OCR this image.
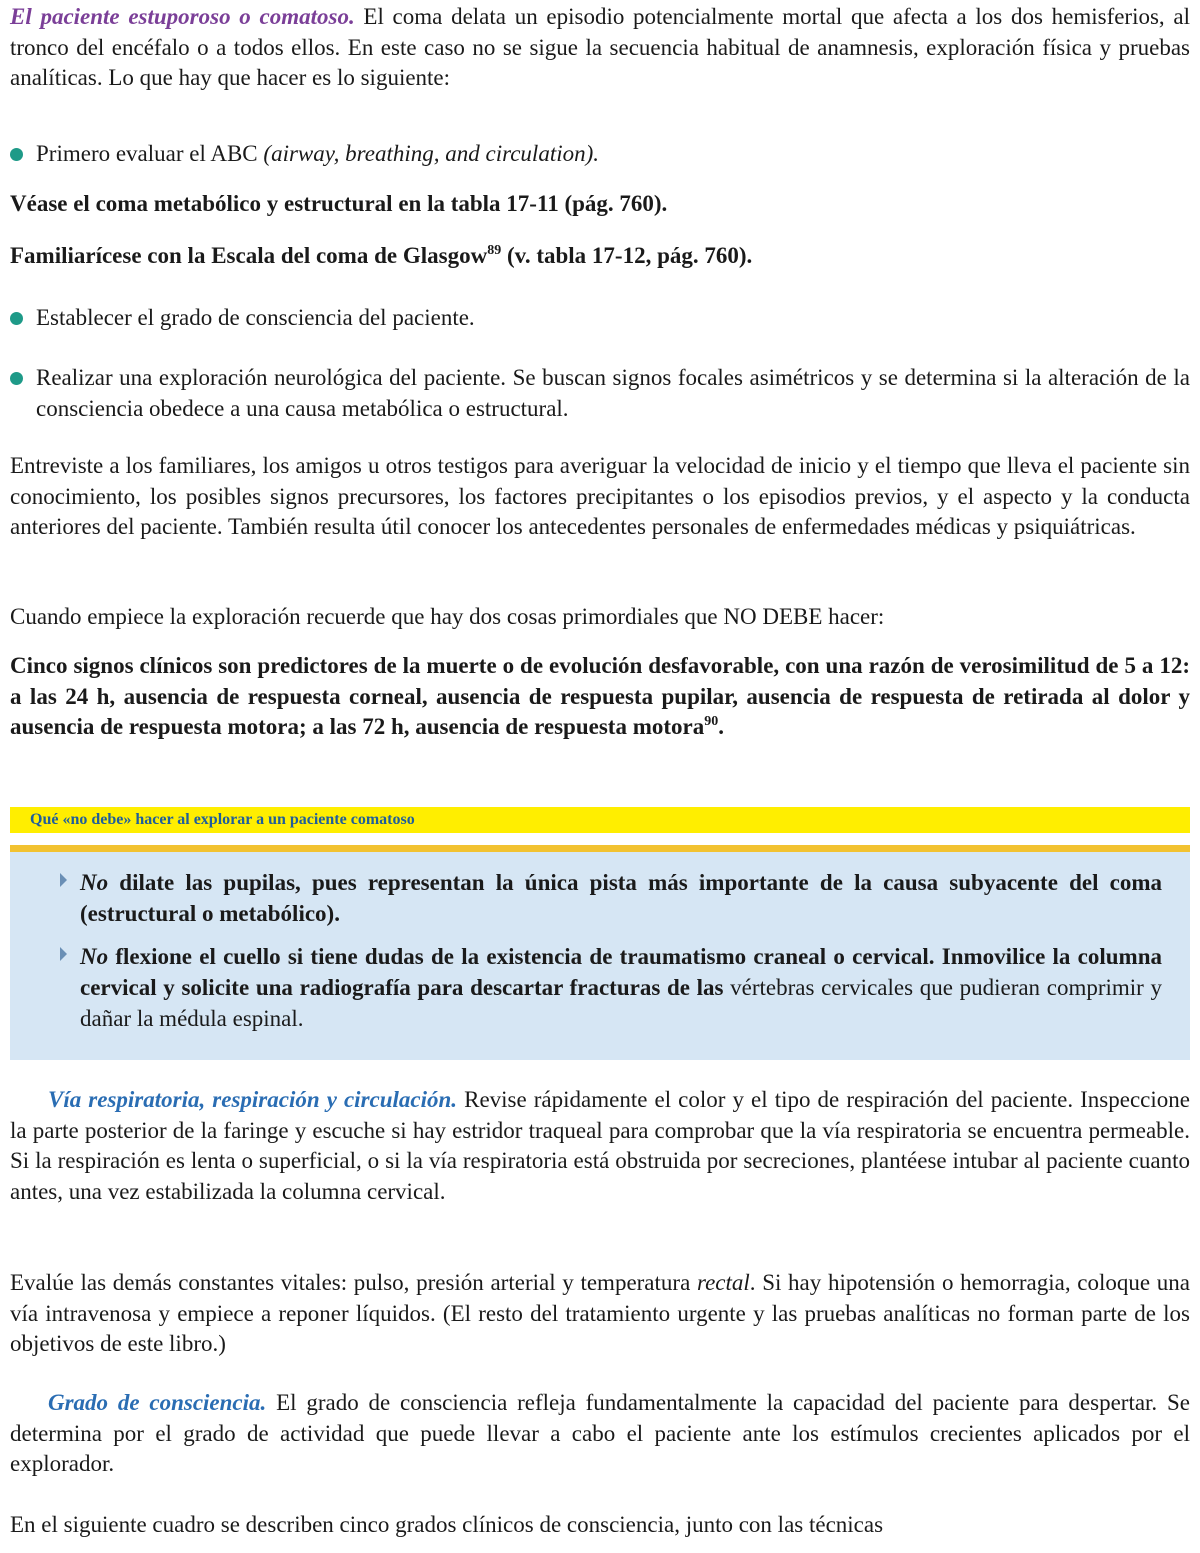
El paciente estuporoso o comatoso. El coma delata un episodio potencialmente mortal que afecta a los dos hemisferios, al tronco del encéfalo o a todos ellos. En este caso no se sigue la secuencia habitual de anamnesis, exploración física y pruebas analíticas. Lo que hay que hacer es lo siguiente:

Primero evaluar el ABC (airway, breathing, and circulation).

Véase el coma metabólico y estructural en la tabla 17-11 (pág. 760).

Familiarícese con la Escala del coma de Glasgow$^{89}$ (v. tabla 17-12, pág. 760).

Establecer el grado de consciencia del paciente.

Realizar una exploración neurológica del paciente. Se buscan signos focales asimétricos y se determina si la alteración de la consciencia obedece a una causa metabólica o estructural.

Entreviste a los familiares, los amigos u otros testigos para averiguar la velocidad de inicio y el tiempo que lleva el paciente sin conocimiento, los posibles signos precursores, los factores precipitantes o los episodios previos, y el aspecto y la conducta anteriores del paciente. También resulta útil conocer los antecedentes personales de enfermedades médicas y psiquiátricas.

Cuando empiece la exploración recuerde que hay dos cosas primordiales que NO DEBE hacer:

Cinco signos clínicos son predictores de la muerte o de evolución desfavorable, con una razón de verosimilitud de 5 a 12: a las 24 h, ausencia de respuesta corneal, ausencia de respuesta pupilar, ausencia de respuesta de retirada al dolor y ausencia de respuesta motora; a las 72 h, ausencia de respuesta motora$^{90}$.

Qué «no debe» hacer al explorar a un paciente comatoso

No dilate las pupilas, pues representan la única pista más importante de la causa subyacente del coma (estructural o metabólico).

No flexione el cuello si tiene dudas de la existencia de traumatismo craneal o cervical. Inmovilice la columna cervical y solicite una radiografía para descartar fracturas de las vértebras cervicales que pudieran comprimir y dañar la médula espinal.

Vía respiratoria, respiración y circulación. Revise rápidamente el color y el tipo de respiración del paciente. Inspeccione la parte posterior de la faringe y escuche si hay estridor traqueal para comprobar que la vía respiratoria se encuentra permeable. Si la respiración es lenta o superficial, o si la vía respiratoria está obstruida por secreciones, plantéese intubar al paciente cuanto antes, una vez estabilizada la columna cervical.

Evalúe las demás constantes vitales: pulso, presión arterial y temperatura rectal. Si hay hipotensión o hemorragia, coloque una vía intravenosa y empiece a reponer líquidos. (El resto del tratamiento urgente y las pruebas analíticas no forman parte de los objetivos de este libro.)

Grado de consciencia. El grado de consciencia refleja fundamentalmente la capacidad del paciente para despertar. Se determina por el grado de actividad que puede llevar a cabo el paciente ante los estímulos crecientes aplicados por el explorador.

En el siguiente cuadro se describen cinco grados clínicos de consciencia, junto con las técnicas
